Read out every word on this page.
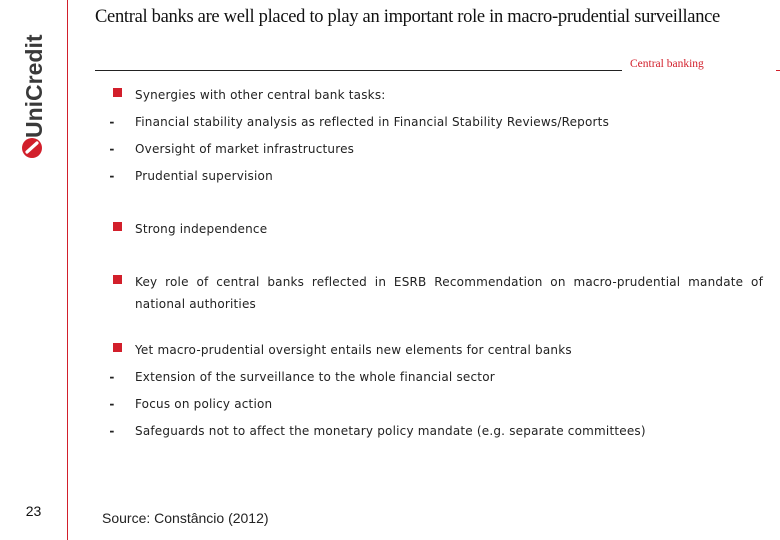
UniCredit
23
Central banks are well placed to play an important role in macro-prudential surveillance
Central banking
Synergies with other central bank tasks:
-	Financial stability analysis as reflected in Financial Stability Reviews/Reports
-	Oversight of market infrastructures
-	Prudential supervision
Strong independence
Key role of central banks reflected in ESRB Recommendation on macro-prudential mandate of national authorities
Yet macro-prudential oversight entails new elements for central banks
-	Extension of the surveillance to the whole financial sector
-	Focus on policy action
-	Safeguards not to affect the monetary policy mandate (e.g. separate committees)
Source: Constâncio (2012)
